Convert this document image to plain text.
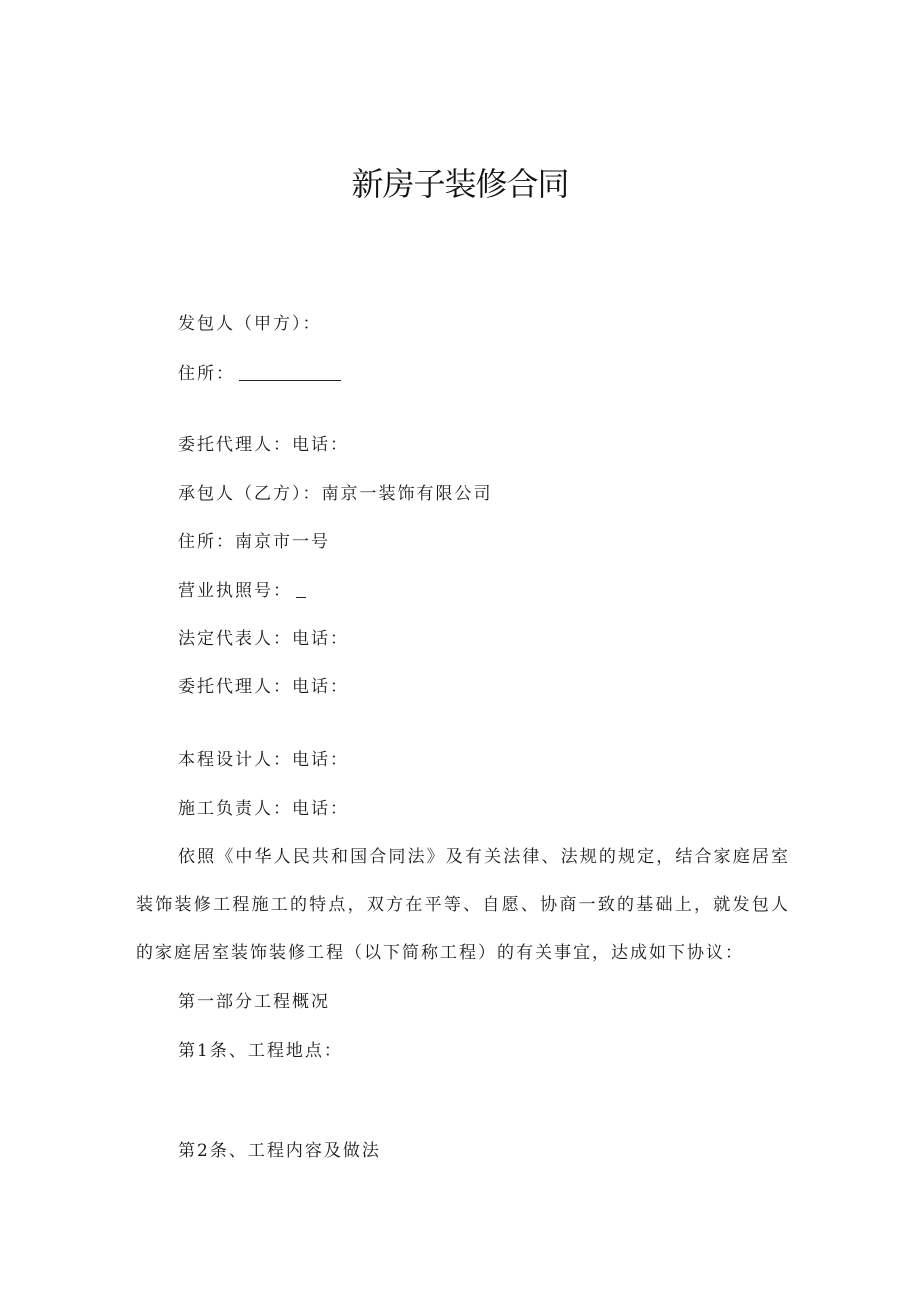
新房子装修合同
发包人（甲方）：
住所：
委托代理人：电话：
承包人（乙方）：南京一装饰有限公司
住所：南京市一号
营业执照号：
法定代表人：电话：
委托代理人：电话：
本程设计人：电话：
施工负责人：电话：
依照《中华人民共和国合同法》及有关法律、法规的规定，结合家庭居室装饰装修工程施工的特点，双方在平等、自愿、协商一致的基础上，就发包人的家庭居室装饰装修工程（以下简称工程）的有关事宜，达成如下协议：
第一部分工程概况
第1条、工程地点：
第2条、工程内容及做法
